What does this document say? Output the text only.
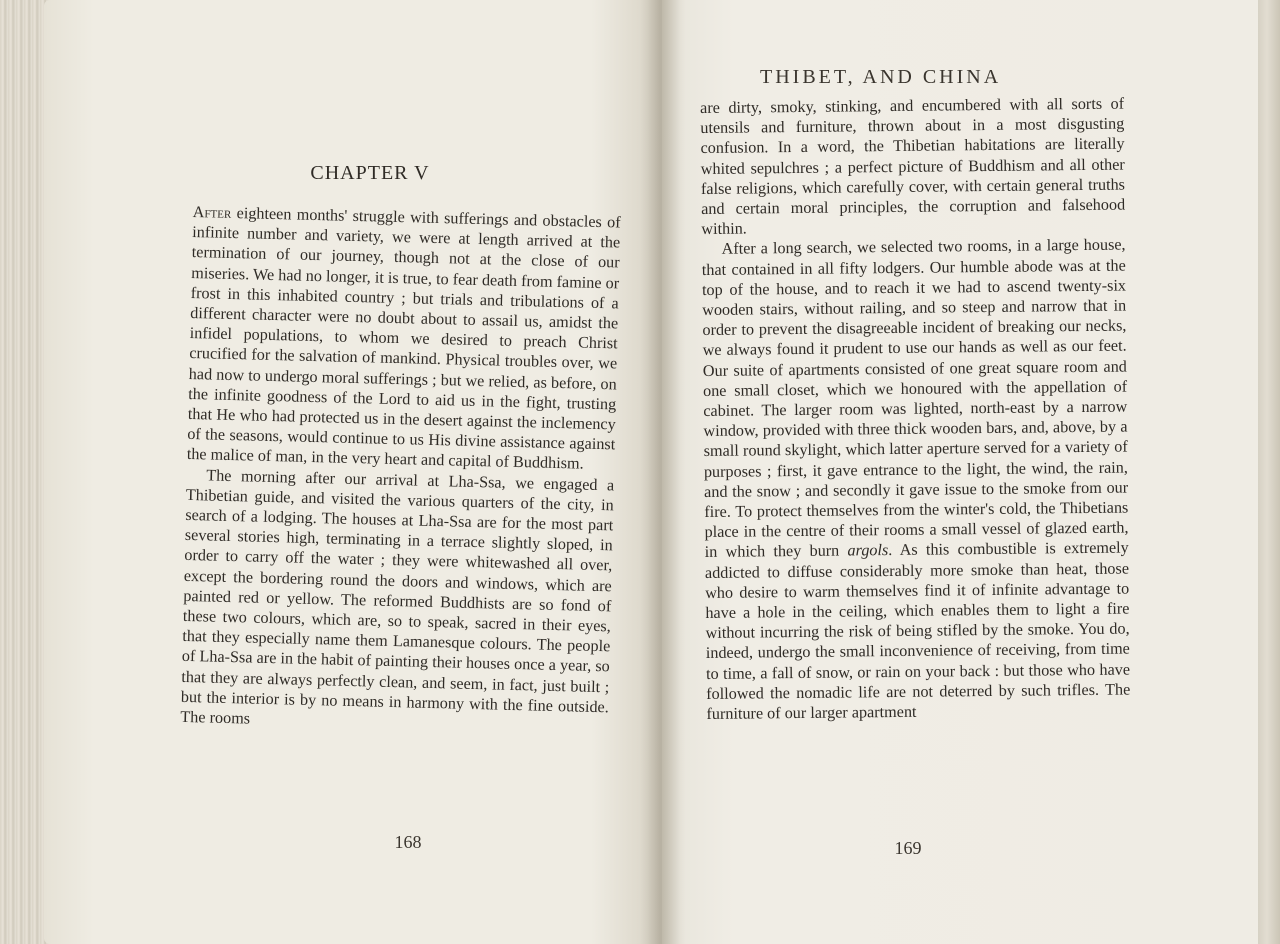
CHAPTER V

After eighteen months' struggle with sufferings and obstacles of infinite number and variety, we were at length arrived at the termination of our journey, though not at the close of our miseries. We had no longer, it is true, to fear death from famine or frost in this inhabited country ; but trials and tribulations of a different character were no doubt about to assail us, amidst the infidel populations, to whom we desired to preach Christ crucified for the salvation of mankind. Physical troubles over, we had now to undergo moral sufferings ; but we relied, as before, on the infinite goodness of the Lord to aid us in the fight, trusting that He who had protected us in the desert against the inclemency of the seasons, would continue to us His divine assistance against the malice of man, in the very heart and capital of Buddhism.

The morning after our arrival at Lha-Ssa, we engaged a Thibetian guide, and visited the various quarters of the city, in search of a lodging. The houses at Lha-Ssa are for the most part several stories high, terminating in a terrace slightly sloped, in order to carry off the water ; they were whitewashed all over, except the bordering round the doors and windows, which are painted red or yellow. The reformed Buddhists are so fond of these two colours, which are, so to speak, sacred in their eyes, that they especially name them Lamanesque colours. The people of Lha-Ssa are in the habit of painting their houses once a year, so that they are always perfectly clean, and seem, in fact, just built ; but the interior is by no means in harmony with the fine outside. The rooms

168
THIBET, AND CHINA

are dirty, smoky, stinking, and encumbered with all sorts of utensils and furniture, thrown about in a most disgusting confusion. In a word, the Thibetian habitations are literally whited sepulchres ; a perfect picture of Buddhism and all other false religions, which carefully cover, with certain general truths and certain moral principles, the corruption and falsehood within.

After a long search, we selected two rooms, in a large house, that contained in all fifty lodgers. Our humble abode was at the top of the house, and to reach it we had to ascend twenty-six wooden stairs, without railing, and so steep and narrow that in order to prevent the disagreeable incident of breaking our necks, we always found it prudent to use our hands as well as our feet. Our suite of apartments consisted of one great square room and one small closet, which we honoured with the appellation of cabinet. The larger room was lighted, north-east by a narrow window, provided with three thick wooden bars, and, above, by a small round skylight, which latter aperture served for a variety of purposes ; first, it gave entrance to the light, the wind, the rain, and the snow ; and secondly it gave issue to the smoke from our fire. To protect themselves from the winter's cold, the Thibetians place in the centre of their rooms a small vessel of glazed earth, in which they burn argols. As this combustible is extremely addicted to diffuse considerably more smoke than heat, those who desire to warm themselves find it of infinite advantage to have a hole in the ceiling, which enables them to light a fire without incurring the risk of being stifled by the smoke. You do, indeed, undergo the small inconvenience of receiving, from time to time, a fall of snow, or rain on your back : but those who have followed the nomadic life are not deterred by such trifles. The furniture of our larger apartment

169
